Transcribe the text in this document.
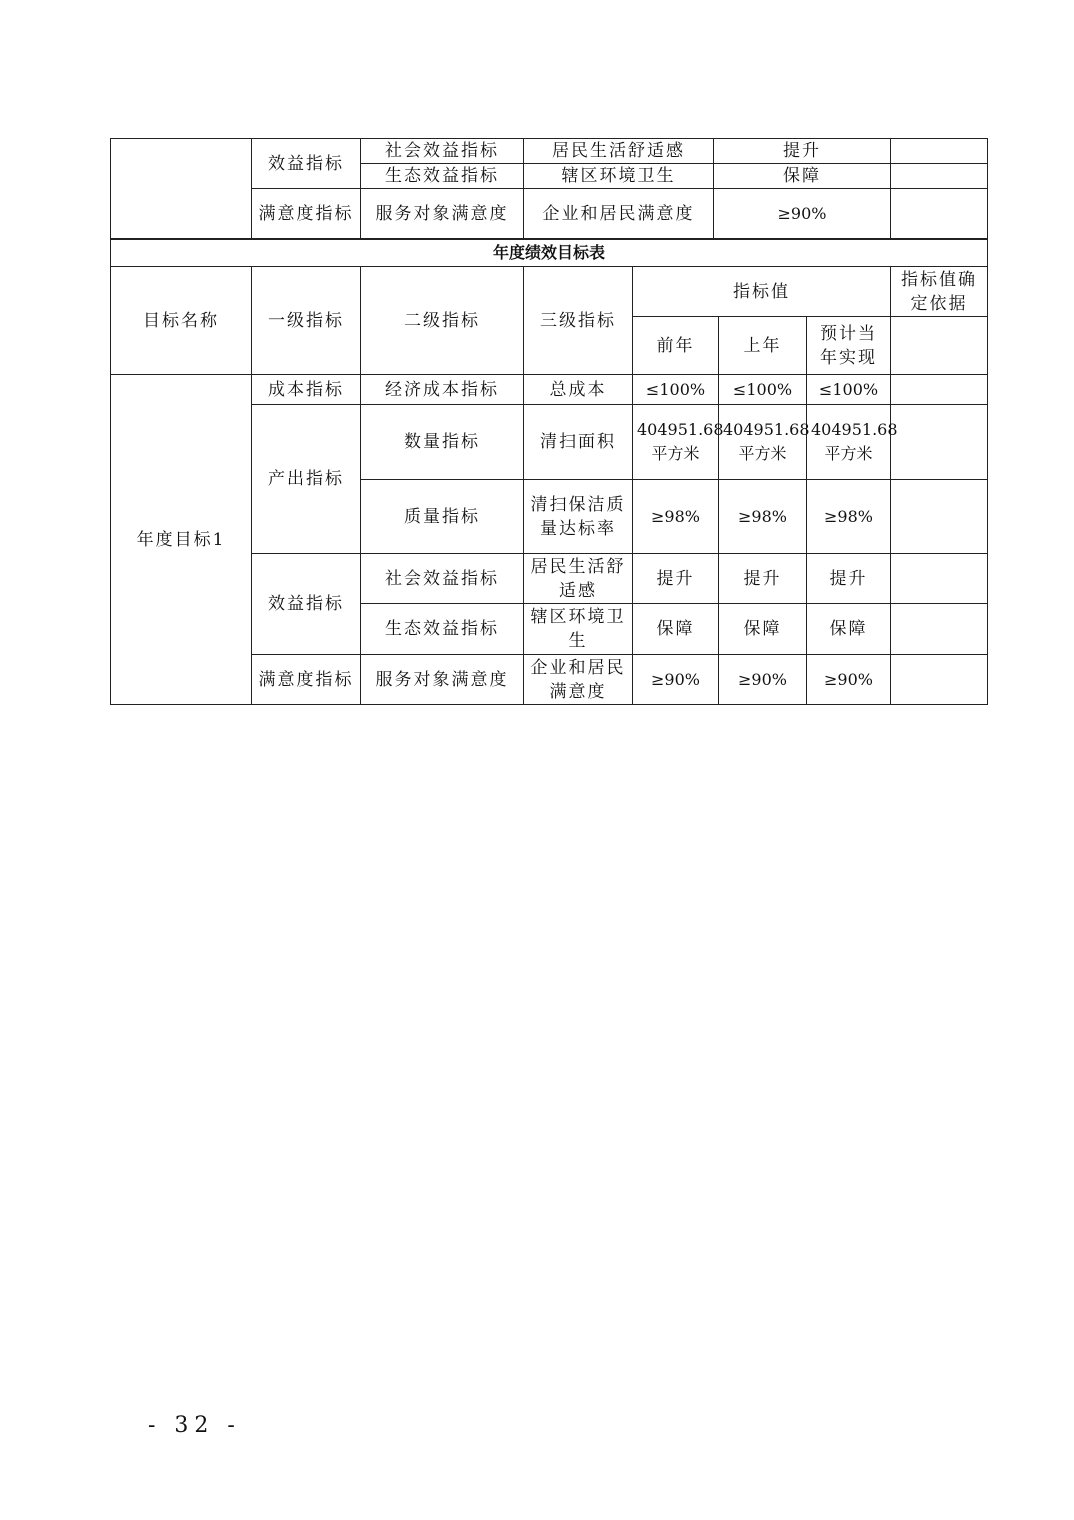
	效益指标	社会效益指标	居民生活舒适感	提升	
		生态效益指标	辖区环境卫生	保障	
	满意度指标	服务对象满意度	企业和居民满意度	≥90%	
年度绩效目标表							
目标名称	一级指标	二级指标	三级指标	指标值			指标值确定依据
				前年	上年	预计当年实现	
年度目标1	成本指标	经济成本指标	总成本	≤100%	≤100%	≤100%	
	产出指标	数量指标	清扫面积	404951.68平方米	404951.68平方米	404951.68平方米	
		质量指标	清扫保洁质量达标率	≥98%	≥98%	≥98%	
	效益指标	社会效益指标	居民生活舒适感	提升	提升	提升	
		生态效益指标	辖区环境卫生	保障	保障	保障	
	满意度指标	服务对象满意度	企业和居民满意度	≥90%	≥90%	≥90%	
- 32 -
